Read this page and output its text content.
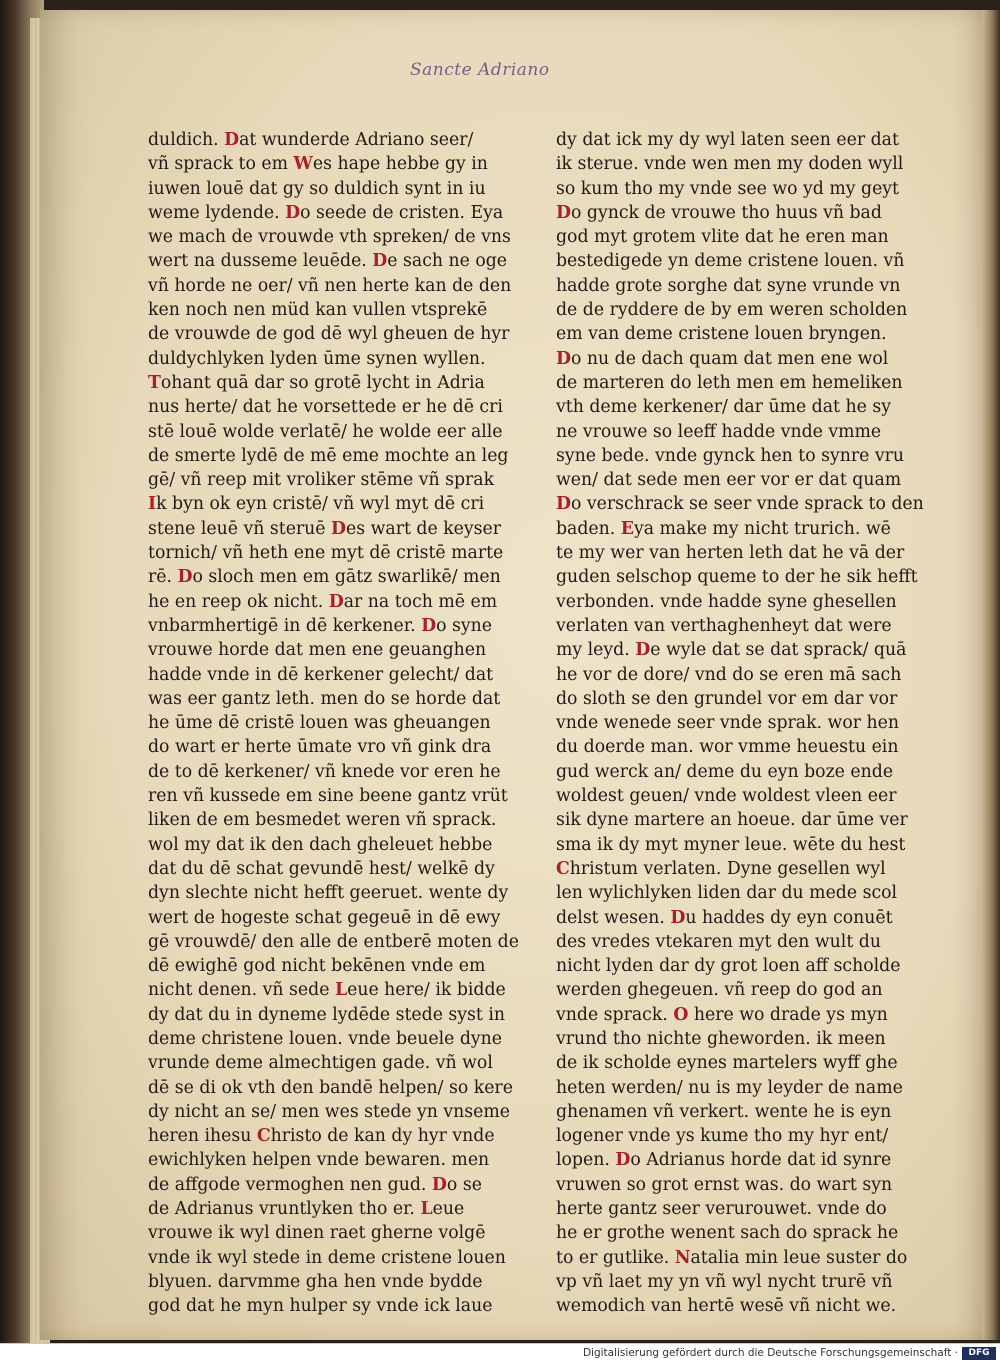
Sancte Adriano
duldich. Dat wunderde Adriano seer/
vñ sprack to em Wes hape hebbe gy in
iuwen louē dat gy so duldich synt in iu
weme lydende. Do seede de cristen. Eya
we mach de vrouwde vth spreken/ de vns
wert na dusseme leuēde. De sach ne oge
vñ horde ne oer/ vñ nen herte kan de den
ken noch nen müd kan vullen vtsprekē
de vrouwde de god dē wyl gheuen de hyr
duldychlyken lyden ūme synen wyllen.
Tohant quā dar so grotē lycht in Adria
nus herte/ dat he vorsettede er he dē cri
stē louē wolde verlatē/ he wolde eer alle
de smerte lydē de mē eme mochte an leg
gē/ vñ reep mit vroliker stēme vñ sprak
Ik byn ok eyn cristē/ vñ wyl myt dē cri
stene leuē vñ steruē Des wart de keyser
tornich/ vñ heth ene myt dē cristē marte
rē. Do sloch men em gātz swarlikē/ men
he en reep ok nicht. Dar na toch mē em
vnbarmhertigē in dē kerkener. Do syne
vrouwe horde dat men ene geuanghen
hadde vnde in dē kerkener gelecht/ dat
was eer gantz leth. men do se horde dat
he ūme dē cristē louen was gheuangen
do wart er herte ūmate vro vñ gink dra
de to dē kerkener/ vñ knede vor eren he
ren vñ kussede em sine beene gantz vrüt
liken de em besmedet weren vñ sprack.
wol my dat ik den dach gheleuet hebbe
dat du dē schat gevundē hest/ welkē dy
dyn slechte nicht hefft geeruet. wente dy
wert de hogeste schat gegeuē in dē ewy
gē vrouwdē/ den alle de entberē moten de
dē ewighē god nicht bekēnen vnde em
nicht denen. vñ sede Leue here/ ik bidde
dy dat du in dyneme lydēde stede syst in
deme christene louen. vnde beuele dyne
vrunde deme almechtigen gade. vñ wol
dē se di ok vth den bandē helpen/ so kere
dy nicht an se/ men wes stede yn vnseme
heren ihesu Christo de kan dy hyr vnde
ewichlyken helpen vnde bewaren. men
de affgode vermoghen nen gud. Do se
de Adrianus vruntlyken tho er. Leue
vrouwe ik wyl dinen raet gherne volgē
vnde ik wyl stede in deme cristene louen
blyuen. darvmme gha hen vnde bydde
god dat he myn hulper sy vnde ick laue
dy dat ick my dy wyl laten seen eer dat
ik sterue. vnde wen men my doden wyll
so kum tho my vnde see wo yd my geyt
Do gynck de vrouwe tho huus vñ bad
god myt grotem vlite dat he eren man
bestedigede yn deme cristene louen. vñ
hadde grote sorghe dat syne vrunde vn
de de ryddere de by em weren scholden
em van deme cristene louen bryngen.
Do nu de dach quam dat men ene wol
de marteren do leth men em hemeliken
vth deme kerkener/ dar ūme dat he sy
ne vrouwe so leeff hadde vnde vmme
syne bede. vnde gynck hen to synre vru
wen/ dat sede men eer vor er dat quam
Do verschrack se seer vnde sprack to den
baden. Eya make my nicht trurich. wē
te my wer van herten leth dat he vā der
guden selschop queme to der he sik hefft
verbonden. vnde hadde syne ghesellen
verlaten van verthaghenheyt dat were
my leyd. De wyle dat se dat sprack/ quā
he vor de dore/ vnd do se eren mā sach
do sloth se den grundel vor em dar vor
vnde wenede seer vnde sprak. wor hen
du doerde man. wor vmme heuestu ein
gud werck an/ deme du eyn boze ende
woldest geuen/ vnde woldest vleen eer
sik dyne martere an hoeue. dar ūme ver
sma ik dy myt myner leue. wēte du hest
Christum verlaten. Dyne gesellen wyl
len wylichlyken liden dar du mede scol
delst wesen. Du haddes dy eyn conuēt
des vredes vtekaren myt den wult du
nicht lyden dar dy grot loen aff scholde
werden ghegeuen. vñ reep do god an
vnde sprack. O here wo drade ys myn
vrund tho nichte gheworden. ik meen
de ik scholde eynes martelers wyff ghe
heten werden/ nu is my leyder de name
ghenamen vñ verkert. wente he is eyn
logener vnde ys kume tho my hyr ent/
lopen. Do Adrianus horde dat id synre
vruwen so grot ernst was. do wart syn
herte gantz seer verurouwet. vnde do
he er grothe wenent sach do sprack he
to er gutlike. Natalia min leue suster do
vp vñ laet my yn vñ wyl nycht trurē vñ
wemodich van hertē wesē vñ nicht we.
Digitalisierung gefördert durch die Deutsche Forschungsgemeinschaft ·	DFG
